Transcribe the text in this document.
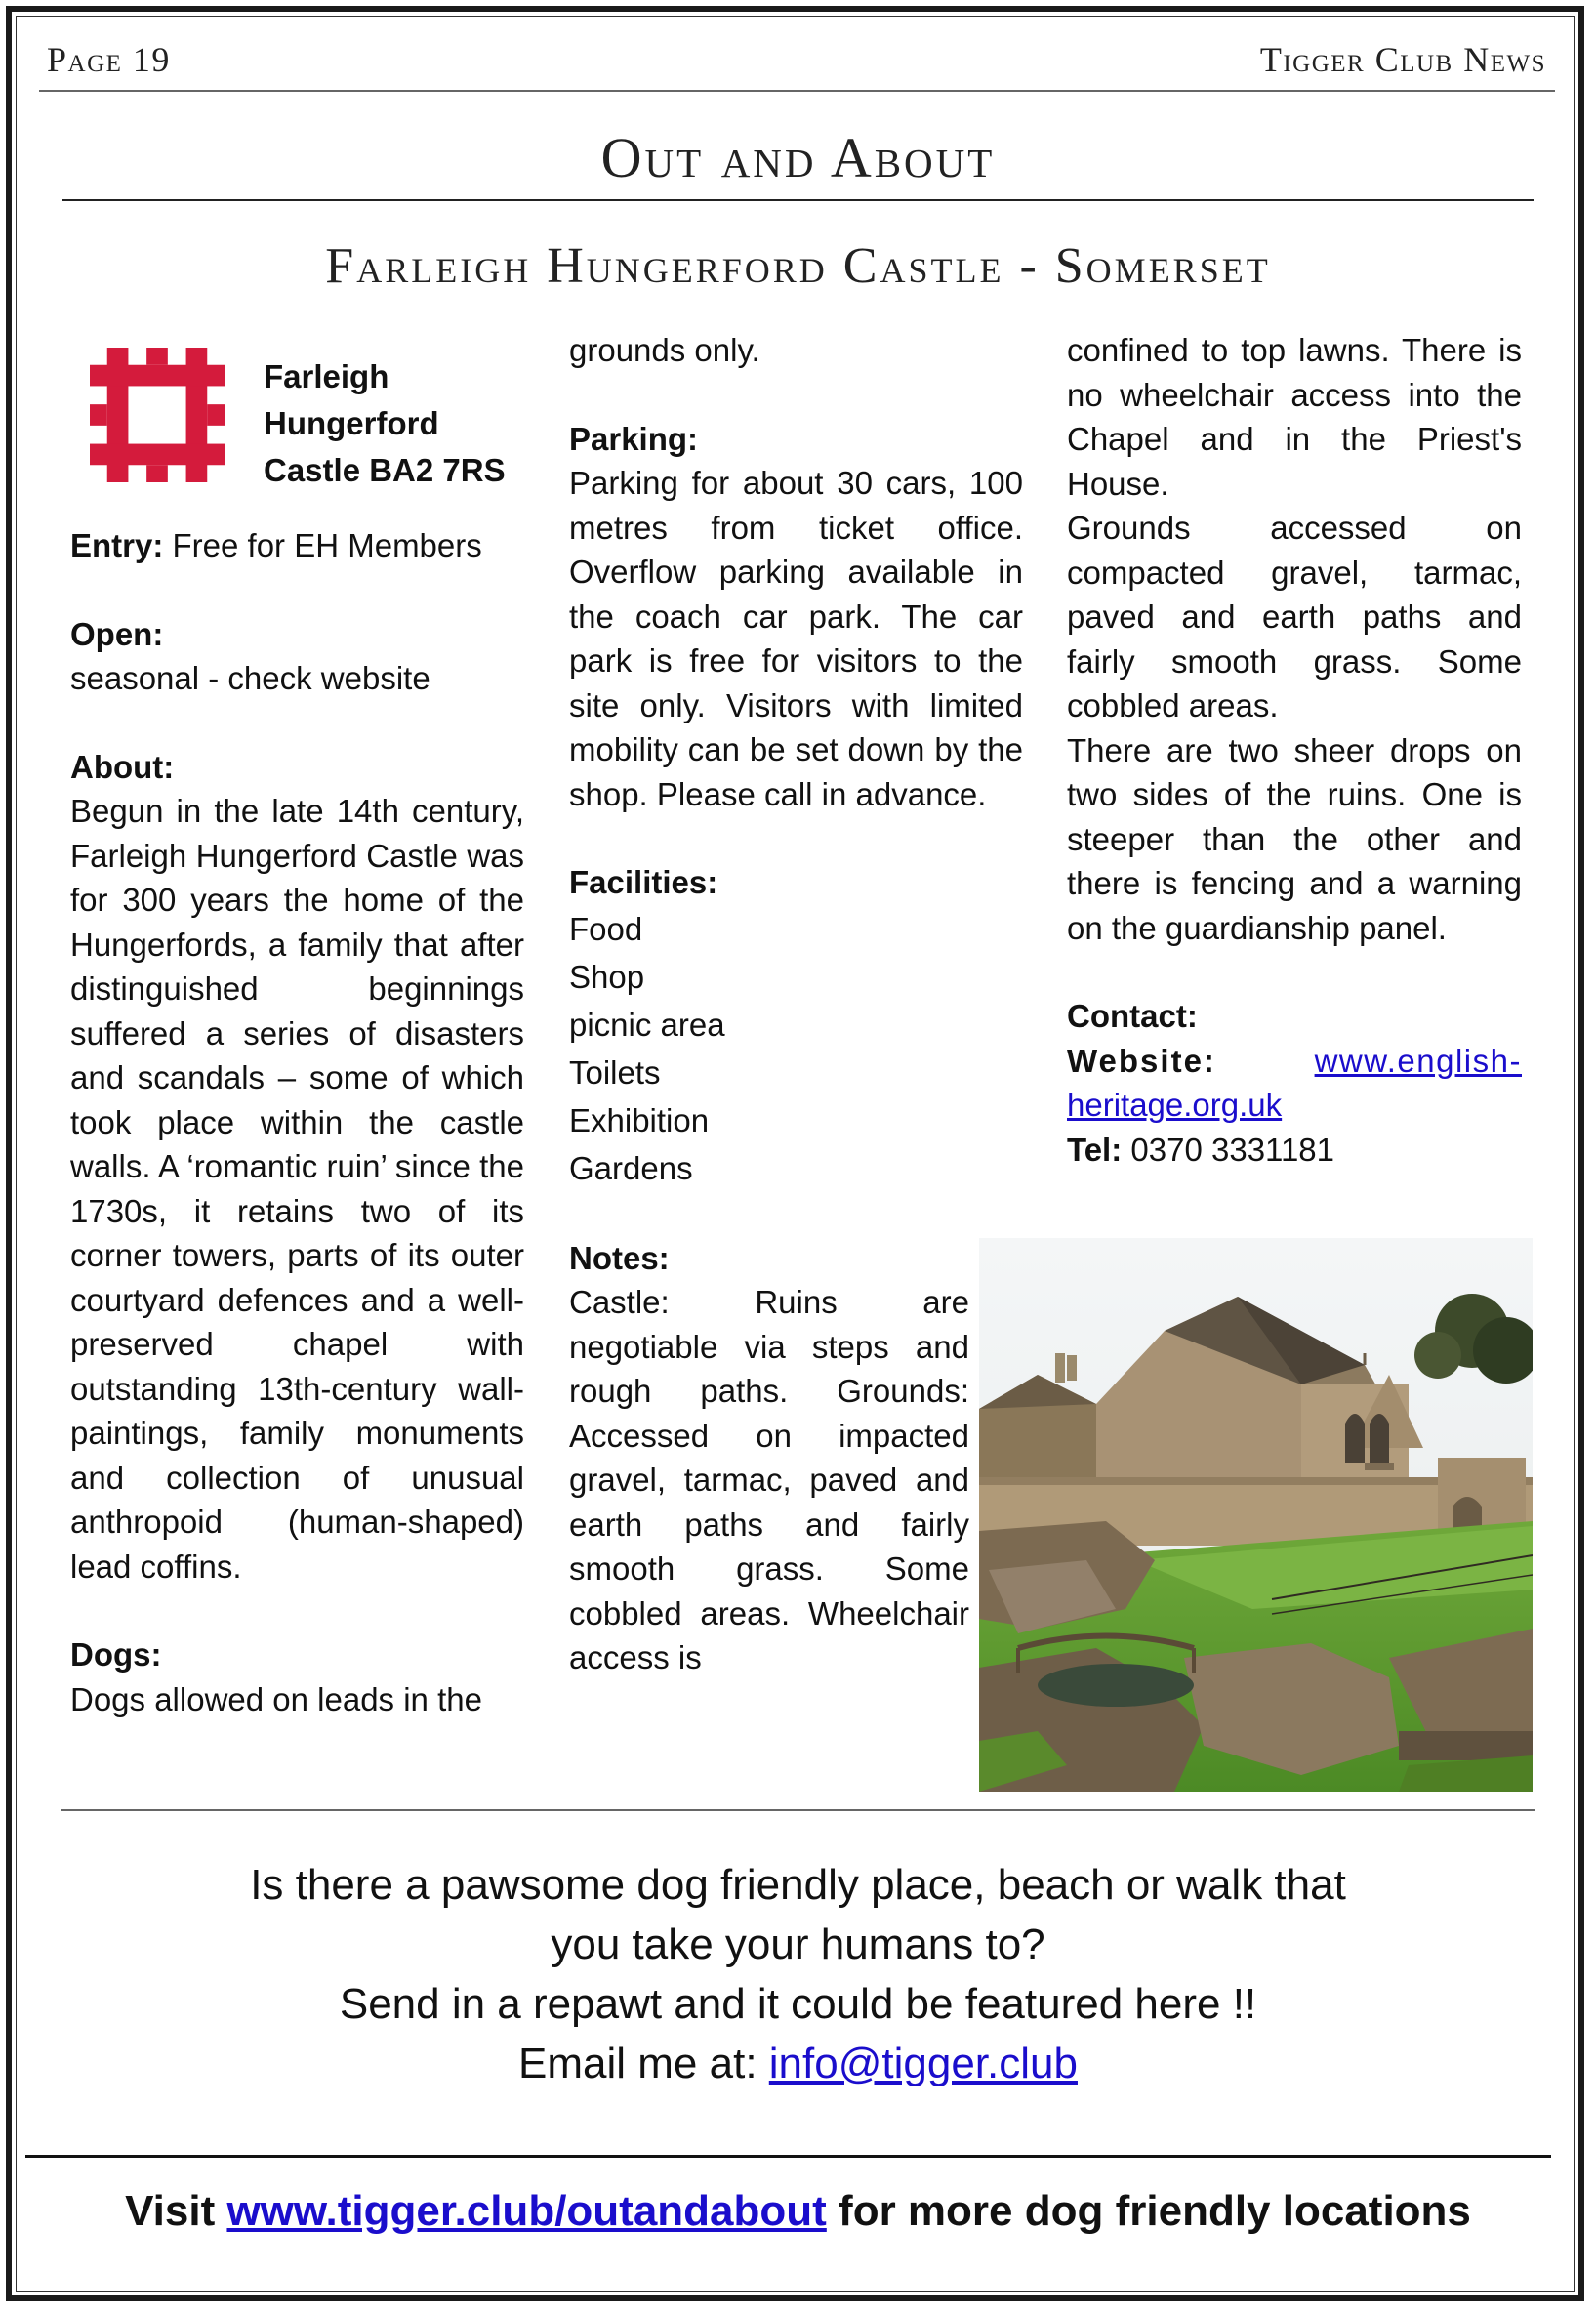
Page 19	Tigger Club News
Out and About
Farleigh Hungerford Castle - Somerset
Farleigh
Hungerford
Castle BA2 7RS

Entry: Free for EH Members

Open:

seasonal - check website

About:

Begun in the late 14th century, Farleigh Hungerford Castle was for 300 years the home of the Hungerfords, a family that after distinguished beginnings suffered a series of disasters and scandals – some of which took place within the castle walls. A ‘romantic ruin’ since the 1730s, it retains two of its corner towers, parts of its outer courtyard defences and a well-preserved chapel with outstanding 13th-century wall-paintings, family monuments and collection of unusual anthropoid (human-shaped) lead coffins.

Dogs:

Dogs allowed on leads in the

grounds only.

Parking:

Parking for about 30 cars, 100 metres from ticket office. Overflow parking available in the coach car park. The car park is free for visitors to the site only. Visitors with limited mobility can be set down by the shop. Please call in advance.

Facilities:

Food

Shop

picnic area

Toilets

Exhibition

Gardens

Notes:

Castle: Ruins are negotiable via steps and rough paths. Grounds: Accessed on impacted gravel, tarmac, paved and earth paths and fairly smooth grass. Some cobbled areas. Wheelchair access is

confined to top lawns. There is no wheelchair access into the Chapel and in the Priest's House.

Grounds accessed on compacted gravel, tarmac, paved and earth paths and fairly smooth grass. Some cobbled areas.

There are two sheer drops on two sides of the ruins. One is steeper than the other and there is fencing and a warning on the guardianship panel.

Contact:

Website:	www.english-

heritage.org.uk

Tel: 0370 3331181

Is there a pawsome dog friendly place, beach or walk that
you take your humans to?
Send in a repawt and it could be featured here !!
Email me at: info@tigger.club
Visit www.tigger.club/outandabout for more dog friendly locations
